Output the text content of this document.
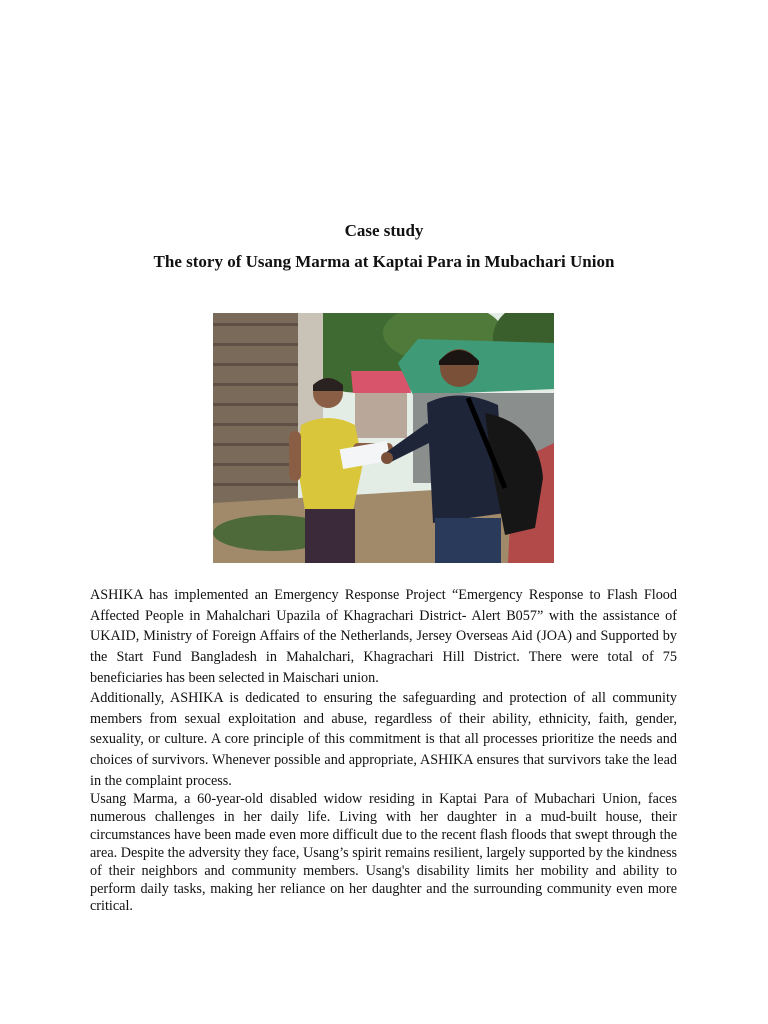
Case study
The story of Usang Marma at Kaptai Para in Mubachari Union

ASHIKA has implemented an Emergency Response Project “Emergency Response to Flash Flood Affected People in Mahalchari Upazila of Khagrachari District- Alert B057” with the assistance of UKAID, Ministry of Foreign Affairs of the Netherlands, Jersey Overseas Aid (JOA) and Supported by the Start Fund Bangladesh in Mahalchari, Khagrachari Hill District. There were total of 75 beneficiaries has been selected in Maischari union.

Additionally, ASHIKA is dedicated to ensuring the safeguarding and protection of all community members from sexual exploitation and abuse, regardless of their ability, ethnicity, faith, gender, sexuality, or culture. A core principle of this commitment is that all processes prioritize the needs and choices of survivors. Whenever possible and appropriate, ASHIKA ensures that survivors take the lead in the complaint process.

Usang Marma, a 60-year-old disabled widow residing in Kaptai Para of Mubachari Union, faces numerous challenges in her daily life. Living with her daughter in a mud-built house, their circumstances have been made even more difficult due to the recent flash floods that swept through the area. Despite the adversity they face, Usang’s spirit remains resilient, largely supported by the kindness of their neighbors and community members. Usang's disability limits her mobility and ability to perform daily tasks, making her reliance on her daughter and the surrounding community even more critical.
